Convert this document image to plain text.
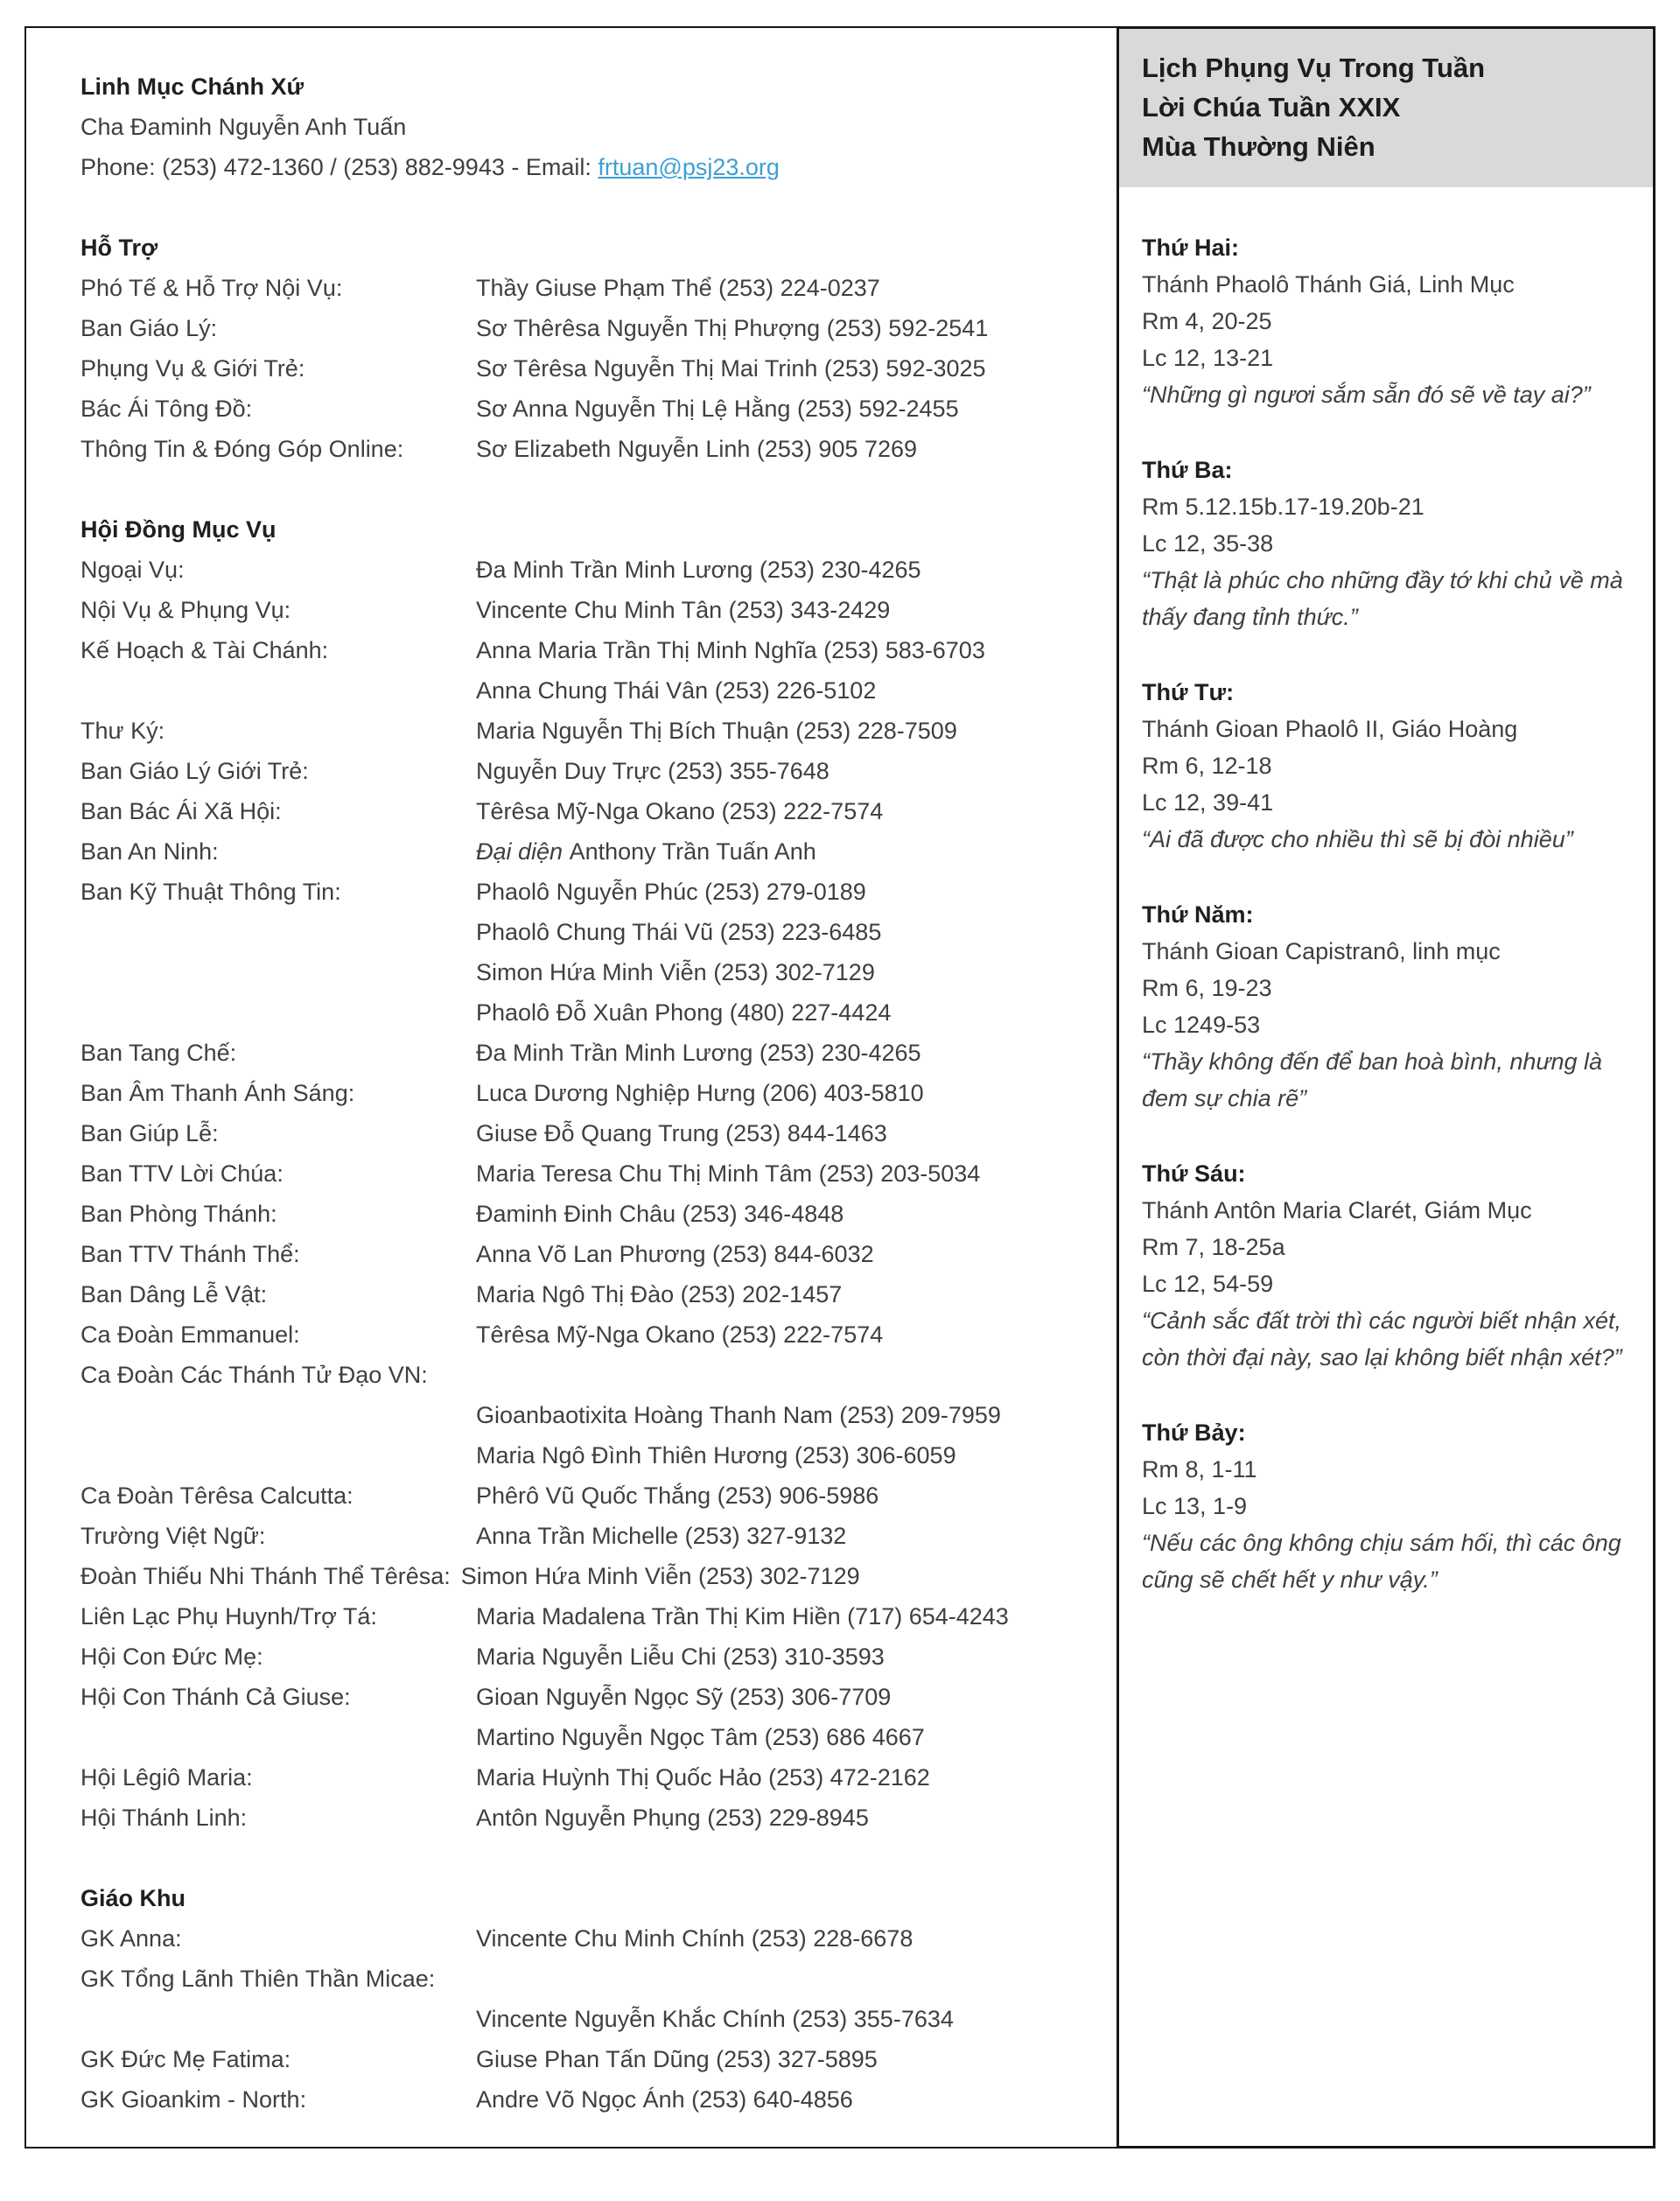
Linh Mục Chánh Xứ
Cha Đaminh Nguyễn Anh Tuấn
Phone: (253) 472-1360 / (253) 882-9943 - Email: frtuan@psj23.org
Hỗ Trợ
Phó Tế & Hỗ Trợ Nội Vụ:	Thầy Giuse Phạm Thể (253) 224-0237
Ban Giáo Lý:	Sơ Thêrêsa Nguyễn Thị Phượng (253) 592-2541
Phụng Vụ & Giới Trẻ:	Sơ Têrêsa Nguyễn Thị Mai Trinh (253) 592-3025
Bác Ái Tông Đồ:	Sơ Anna Nguyễn Thị Lệ Hằng (253) 592-2455
Thông Tin & Đóng Góp Online:	Sơ Elizabeth Nguyễn Linh (253) 905 7269
Hội Đồng Mục Vụ
Ngoại Vụ:	Đa Minh Trần Minh Lương (253) 230-4265
Nội Vụ & Phụng Vụ:	Vincente Chu Minh Tân (253) 343-2429
Kế Hoạch & Tài Chánh:	Anna Maria Trần Thị Minh Nghĩa (253) 583-6703
Anna Chung Thái Vân (253) 226-5102
Thư Ký:	Maria Nguyễn Thị Bích Thuận (253) 228-7509
Ban Giáo Lý Giới Trẻ:	Nguyễn Duy Trực (253) 355-7648
Ban Bác Ái Xã Hội:	Têrêsa Mỹ-Nga Okano (253) 222-7574
Ban An Ninh:	Đại diện Anthony Trần Tuấn Anh
Ban Kỹ Thuật Thông Tin:	Phaolô Nguyễn Phúc (253) 279-0189
Phaolô Chung Thái Vũ (253) 223-6485
Simon Hứa Minh Viễn (253) 302-7129
Phaolô Đỗ Xuân Phong (480) 227-4424
Ban Tang Chế:	Đa Minh Trần Minh Lương (253) 230-4265
Ban Âm Thanh Ánh Sáng:	Luca Dương Nghiệp Hưng (206) 403-5810
Ban Giúp Lễ:	Giuse Đỗ Quang Trung (253) 844-1463
Ban TTV Lời Chúa:	Maria Teresa Chu Thị Minh Tâm (253) 203-5034
Ban Phòng Thánh:	Đaminh Đinh Châu (253) 346-4848
Ban TTV Thánh Thể:	Anna Võ Lan Phương (253) 844-6032
Ban Dâng Lễ Vật:	Maria Ngô Thị Đào (253) 202-1457
Ca Đoàn Emmanuel:	Têrêsa Mỹ-Nga Okano (253) 222-7574
Ca Đoàn Các Thánh Tử Đạo VN:
Gioanbaotixita Hoàng Thanh Nam (253) 209-7959
Maria Ngô Đình Thiên Hương (253) 306-6059
Ca Đoàn Têrêsa Calcutta:	Phêrô Vũ Quốc Thắng (253) 906-5986
Trường Việt Ngữ:	Anna Trần Michelle (253) 327-9132
Đoàn Thiếu Nhi Thánh Thể Têrêsa: Simon Hứa Minh Viễn (253) 302-7129
Liên Lạc Phụ Huynh/Trợ Tá:	Maria Madalena Trần Thị Kim Hiền (717) 654-4243
Hội Con Đức Mẹ:	Maria Nguyễn Liễu Chi (253) 310-3593
Hội Con Thánh Cả Giuse:	Gioan Nguyễn Ngọc Sỹ (253) 306-7709
Martino Nguyễn Ngọc Tâm (253) 686 4667
Hội Lêgiô Maria:	Maria Huỳnh Thị Quốc Hảo (253) 472-2162
Hội Thánh Linh:	Antôn Nguyễn Phụng (253) 229-8945
Giáo Khu
GK Anna:	Vincente Chu Minh Chính (253) 228-6678
GK Tổng Lãnh Thiên Thần Micae:
Vincente Nguyễn Khắc Chính (253) 355-7634
GK Đức Mẹ Fatima:	Giuse Phan Tấn Dũng (253) 327-5895
GK Gioankim - North:	Andre Võ Ngọc Ánh (253) 640-4856
Lịch Phụng Vụ Trong Tuần
Lời Chúa Tuần XXIX
Mùa Thường Niên
Thứ Hai:
Thánh Phaolô Thánh Giá, Linh Mục
Rm 4, 20-25
Lc 12, 13-21
“Những gì ngươi sắm sẵn đó sẽ về tay ai?”
Thứ Ba:
Rm 5.12.15b.17-19.20b-21
Lc 12, 35-38
“Thật là phúc cho những đầy tớ khi chủ về mà thấy đang tỉnh thức.”
Thứ Tư:
Thánh Gioan Phaolô II, Giáo Hoàng
Rm 6, 12-18
Lc 12, 39-41
“Ai đã được cho nhiều thì sẽ bị đòi nhiều”
Thứ Năm:
Thánh Gioan Capistranô, linh mục
Rm 6, 19-23
Lc 1249-53
“Thầy không đến để ban hoà bình, nhưng là đem sự chia rẽ”
Thứ Sáu:
Thánh Antôn Maria Clarét, Giám Mục
Rm 7, 18-25a
Lc 12, 54-59
“Cảnh sắc đất trời thì các người biết nhận xét, còn thời đại này, sao lại không biết nhận xét?”
Thứ Bảy:
Rm 8, 1-11
Lc 13, 1-9
“Nếu các ông không chịu sám hối, thì các ông cũng sẽ chết hết y như vậy.”
